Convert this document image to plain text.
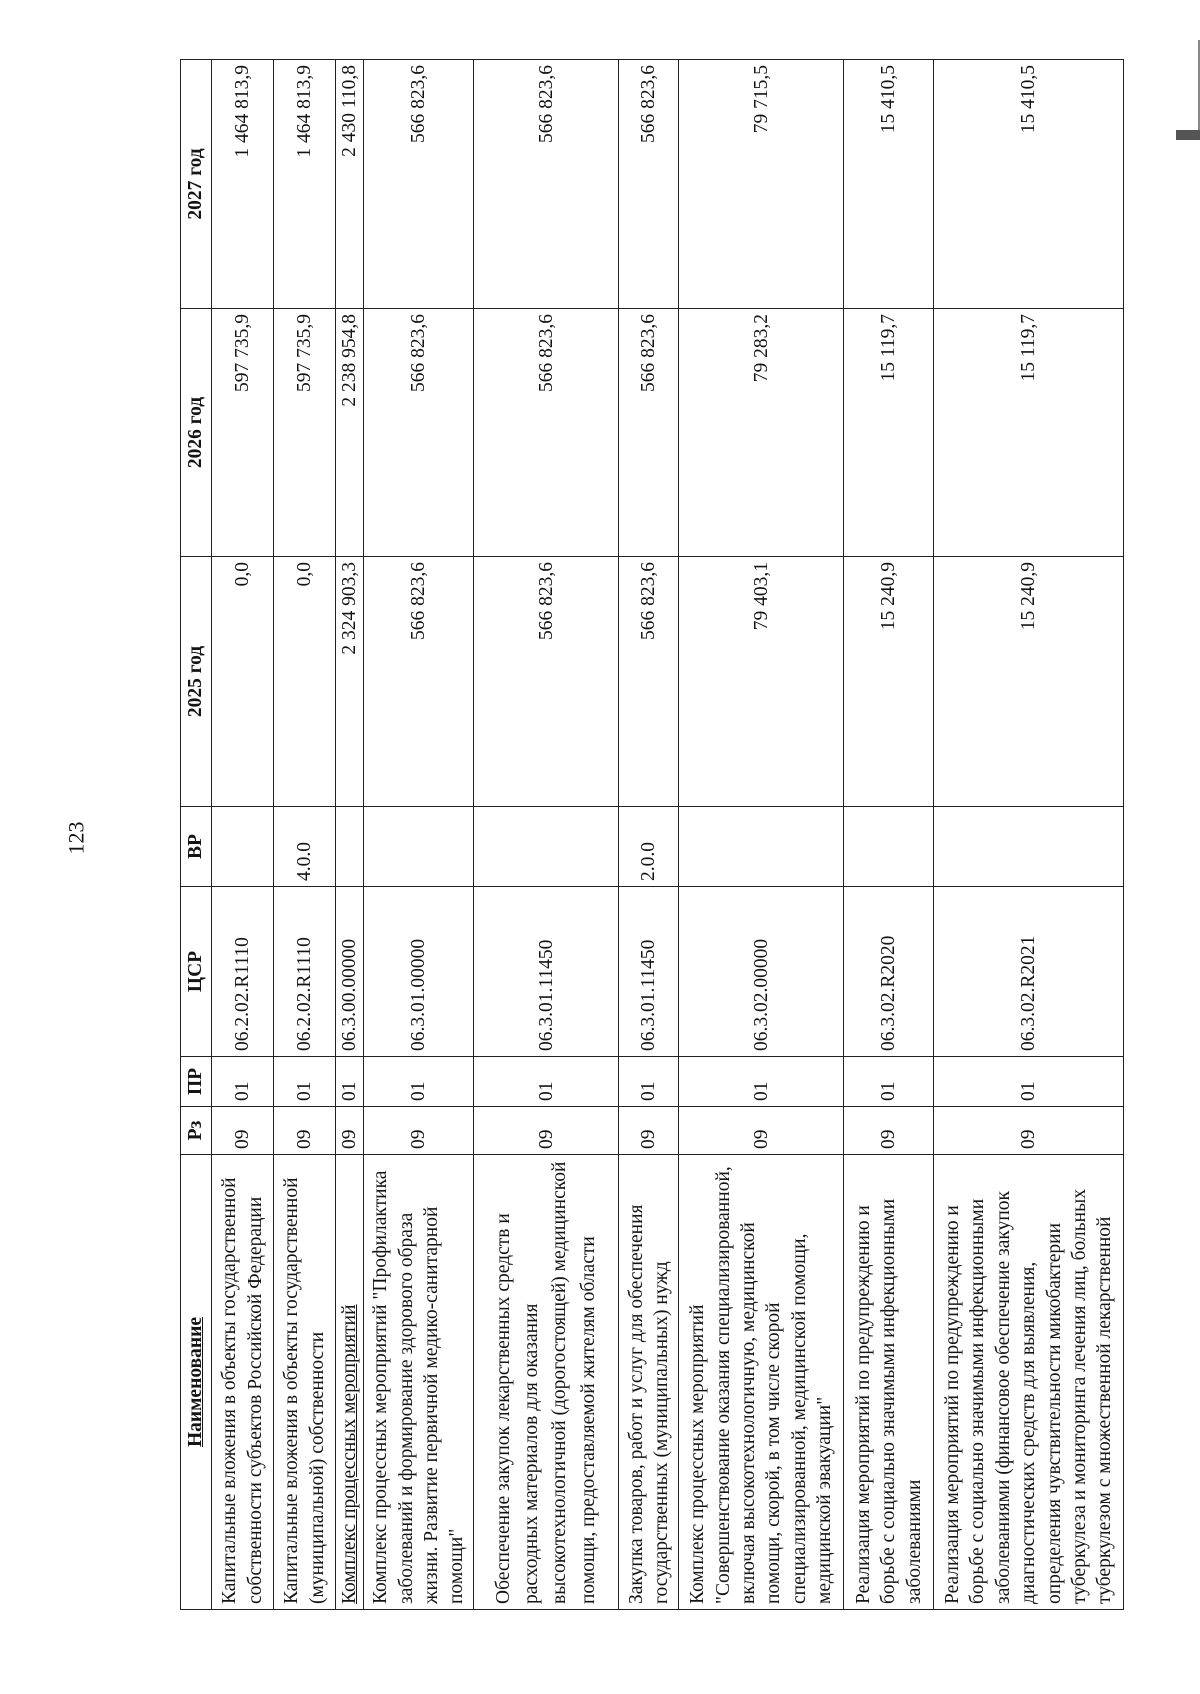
123
Наименование	Рз	ПР	ЦСР	ВР	2025 год	2026 год	2027 год
Капитальные вложения в объекты государственной собственности субъектов Российской Федерации	09	01	06.2.02.R1110		0,0	597 735,9	1 464 813,9
Капитальные вложения в объекты государственной (муниципальной) собственности	09	01	06.2.02.R1110	4.0.0	0,0	597 735,9	1 464 813,9
Комплекс процессных мероприятий	09	01	06.3.00.00000		2 324 903,3	2 238 954,8	2 430 110,8
Комплекс процессных мероприятий "Профилактика заболеваний и формирование здорового образа жизни. Развитие первичной медико-санитарной помощи"	09	01	06.3.01.00000		566 823,6	566 823,6	566 823,6
Обеспечение закупок лекарственных средств и расходных материалов для оказания высокотехнологичной (дорогостоящей) медицинской помощи, предоставляемой жителям области	09	01	06.3.01.11450		566 823,6	566 823,6	566 823,6
Закупка товаров, работ и услуг для обеспечения государственных (муниципальных) нужд	09	01	06.3.01.11450	2.0.0	566 823,6	566 823,6	566 823,6
Комплекс процессных мероприятий "Совершенствование оказания специализированной, включая высокотехнологичную, медицинской помощи, скорой, в том числе скорой специализированной, медицинской помощи, медицинской эвакуации"	09	01	06.3.02.00000		79 403,1	79 283,2	79 715,5
Реализация мероприятий по предупреждению и борьбе с социально значимыми инфекционными заболеваниями	09	01	06.3.02.R2020		15 240,9	15 119,7	15 410,5
Реализация мероприятий по предупреждению и борьбе с социально значимыми инфекционными заболеваниями (финансовое обеспечение закупок диагностических средств для выявления, определения чувствительности микобактерии туберкулеза и мониторинга лечения лиц, больных туберкулезом с множественной лекарственной	09	01	06.3.02.R2021		15 240,9	15 119,7	15 410,5
